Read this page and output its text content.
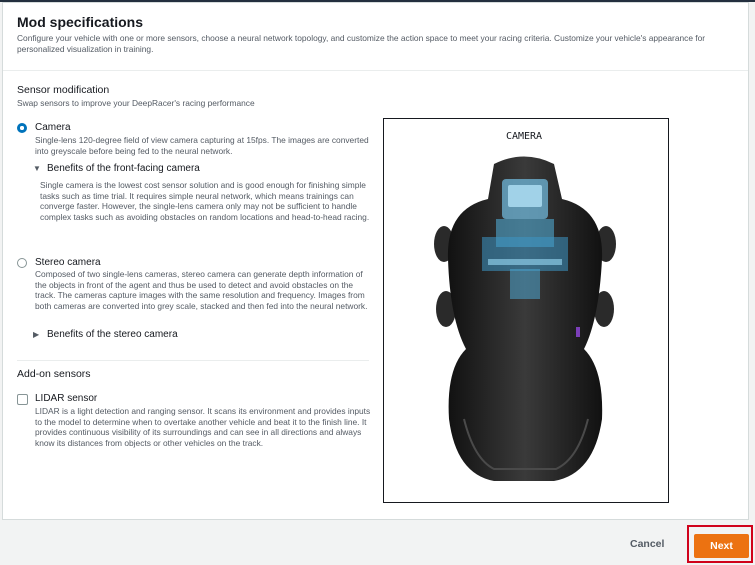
Mod specifications
Configure your vehicle with one or more sensors, choose a neural network topology, and customize the action space to meet your racing criteria. Customize your vehicle's appearance for personalized visualization in training.
Sensor modification
Swap sensors to improve your DeepRacer's racing performance
Camera
Single-lens 120-degree field of view camera capturing at 15fps. The images are converted into greyscale before being fed to the neural network.
▼ Benefits of the front-facing camera
Single camera is the lowest cost sensor solution and is good enough for finishing simple tasks such as time trial. It requires simple neural network, which means trainings can converge faster. However, the single-lens camera only may not be sufficient to handle complex tasks such as avoiding obstacles on random locations and head-to-head racing.
Stereo camera
Composed of two single-lens cameras, stereo camera can generate depth information of the objects in front of the agent and thus be used to detect and avoid obstacles on the track. The cameras capture images with the same resolution and frequency. Images from both cameras are converted into grey scale, stacked and then fed into the neural network.
▶ Benefits of the stereo camera
Add-on sensors
LIDAR sensor
LIDAR is a light detection and ranging sensor. It scans its environment and provides inputs to the model to determine when to overtake another vehicle and beat it to the finish line. It provides continuous visibility of its surroundings and can see in all directions and always know its distances from objects or other vehicles on the track.
CAMERA
Cancel	Next
